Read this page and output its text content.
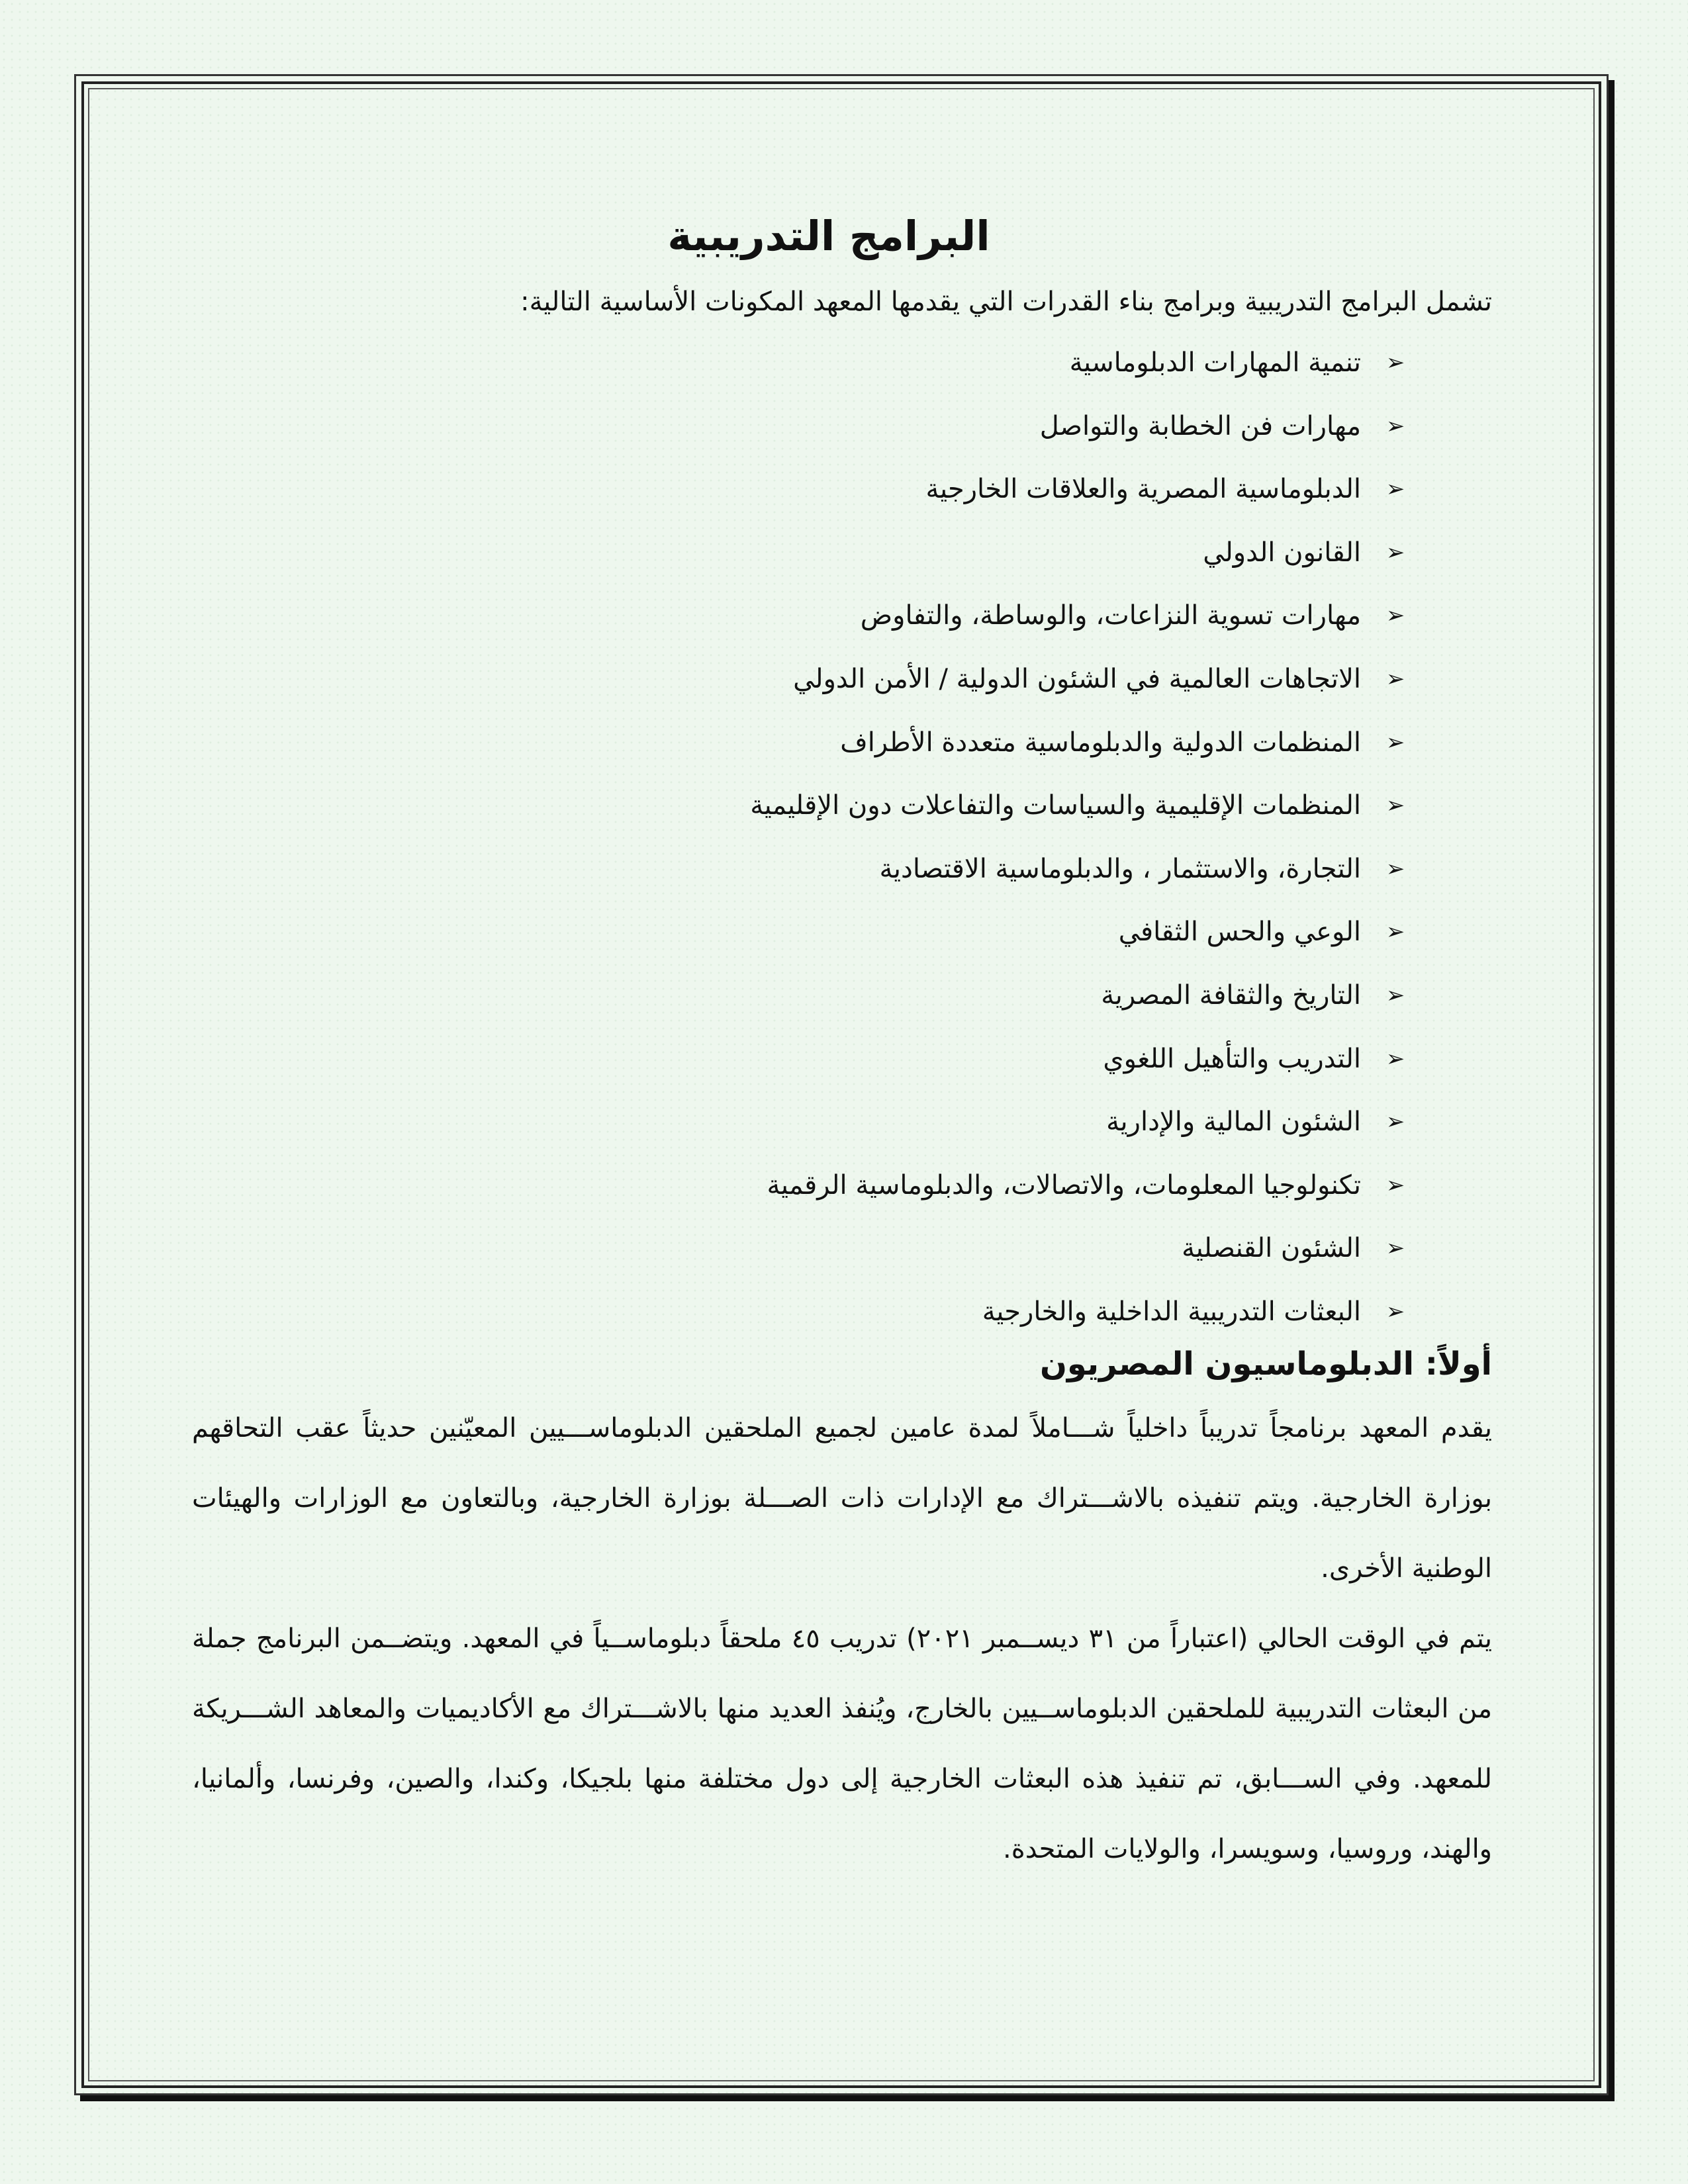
البرامج التدريبية

تشمل البرامج التدريبية وبرامج بناء القدرات التي يقدمها المعهد المكونات الأساسية التالية:

➢
تنمية المهارات الدبلوماسية
➢
مهارات فن الخطابة والتواصل
➢
الدبلوماسية المصرية والعلاقات الخارجية
➢
القانون الدولي
➢
مهارات تسوية النزاعات، والوساطة، والتفاوض
➢
الاتجاهات العالمية في الشئون الدولية / الأمن الدولي
➢
المنظمات الدولية والدبلوماسية متعددة الأطراف
➢
المنظمات الإقليمية والسياسات والتفاعلات دون الإقليمية
➢
التجارة، والاستثمار ، والدبلوماسية الاقتصادية
➢
الوعي والحس الثقافي
➢
التاريخ والثقافة المصرية
➢
التدريب والتأهيل اللغوي
➢
الشئون المالية والإدارية
➢
تكنولوجيا المعلومات، والاتصالات، والدبلوماسية الرقمية
➢
الشئون القنصلية
➢
البعثات التدريبية الداخلية والخارجية
أولاً: الدبلوماسيون المصريون

يقدم المعهد برنامجاً تدريباً داخلياً شـــاملاً لمدة عامين لجميع الملحقين الدبلوماســـيين المعيّنين حديثاً عقب التحاقهم بوزارة الخارجية. ويتم تنفيذه بالاشـــتراك مع الإدارات ذات الصـــلة بوزارة الخارجية، وبالتعاون مع الوزارات والهيئات الوطنية الأخرى.

يتم في الوقت الحالي (اعتباراً من ٣١ ديســمبر ٢٠٢١) تدريب ٤٥ ملحقاً دبلوماســياً في المعهد. ويتضــمن البرنامج جملة من البعثات التدريبية للملحقين الدبلوماســيين بالخارج، ويُنفذ العديد منها بالاشـــتراك مع الأكاديميات والمعاهد الشـــريكة للمعهد. وفي الســـابق، تم تنفيذ هذه البعثات الخارجية إلى دول مختلفة منها بلجيكا، وكندا، والصين، وفرنسا، وألمانيا، والهند، وروسيا، وسويسرا، والولايات المتحدة.
